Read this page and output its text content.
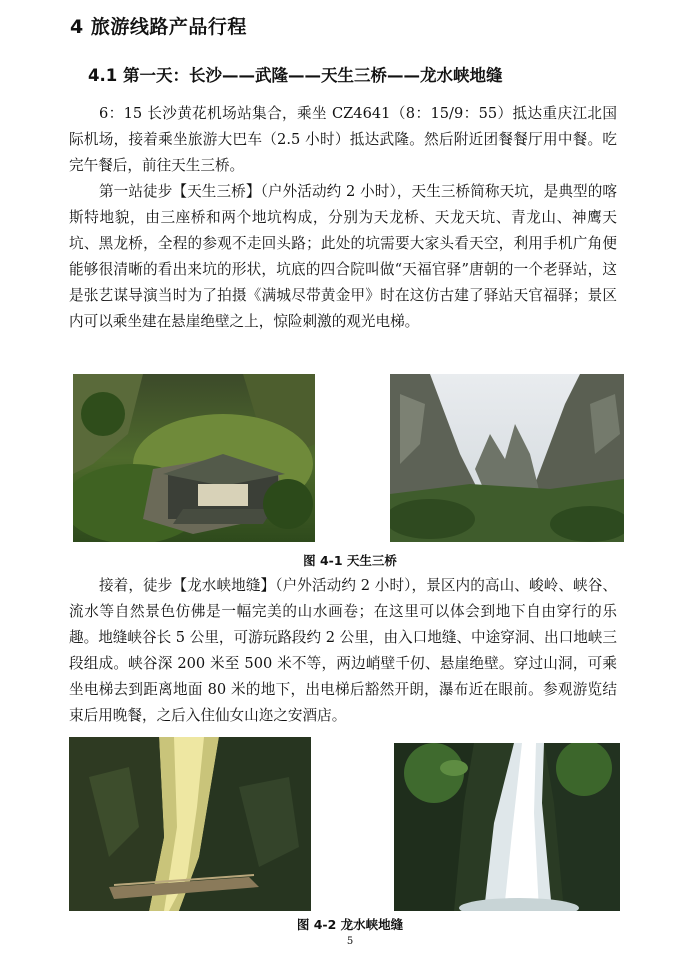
4 旅游线路产品行程
4.1 第一天：长沙——武隆——天生三桥——龙水峡地缝

6：15 长沙黄花机场站集合，乘坐 CZ4641（8：15/9：55）抵达重庆江北国际机场，接着乘坐旅游大巴车（2.5 小时）抵达武隆。然后附近团餐餐厅用中餐。吃完午餐后，前往天生三桥。

第一站徒步【天生三桥】（户外活动约 2 小时），天生三桥简称天坑，是典型的喀斯特地貌，由三座桥和两个地坑构成，分别为天龙桥、天龙天坑、青龙山、神鹰天坑、黑龙桥，全程的参观不走回头路；此处的坑需要大家头看天空，利用手机广角便能够很清晰的看出来坑的形状，坑底的四合院叫做“天福官驿”唐朝的一个老驿站，这是张艺谋导演当时为了拍摄《满城尽带黄金甲》时在这仿古建了驿站天官福驿；景区内可以乘坐建在悬崖绝壁之上，惊险刺激的观光电梯。

图 4-1 天生三桥

接着，徒步【龙水峡地缝】（户外活动约 2 小时），景区内的高山、峻岭、峡谷、流水等自然景色仿佛是一幅完美的山水画卷；在这里可以体会到地下自由穿行的乐趣。地缝峡谷长 5 公里，可游玩路段约 2 公里，由入口地缝、中途穿洞、出口地峡三段组成。峡谷深 200 米至 500 米不等，两边峭壁千仞、悬崖绝壁。穿过山洞，可乘坐电梯去到距离地面 80 米的地下，出电梯后豁然开朗，瀑布近在眼前。参观游览结束后用晚餐，之后入住仙女山迩之安酒店。

图 4-2 龙水峡地缝
5
